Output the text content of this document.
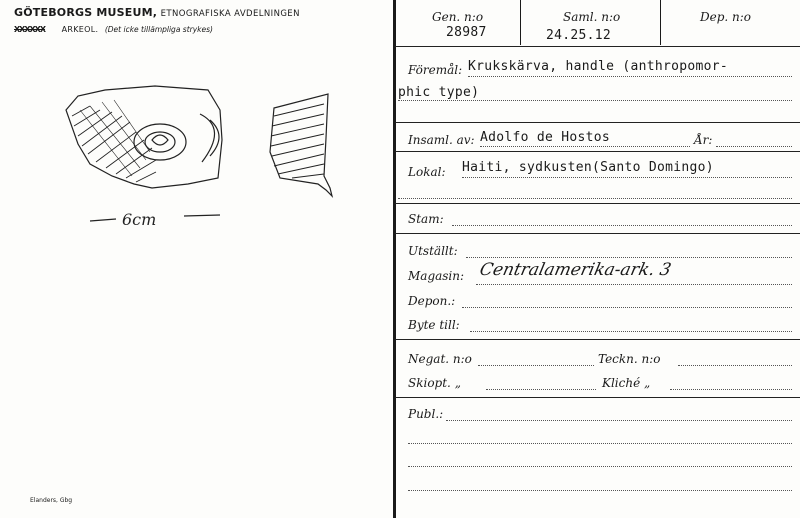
GÖTEBORGS MUSEUM, ETNOGRAFISKA AVDELNINGEN
XXXXXX ARKEOL. (Det icke tillämpliga strykes)
6cm
Elanders, Gbg
Gen. n:o
28987
Saml. n:o
24.25.12
Dep. n:o
Föremål: Krukskärva, handle (anthropomor-
phic type)
Insaml. av: Adolfo de Hostos	År:
Lokal: Haiti, sydkusten(Santo Domingo)
Stam:
Utställt:
Magasin: Centralamerika-ark. 3
Depon.:
Byte till:
Negat. n:o	Teckn. n:o
Skiopt. „	Kliché „
Publ.:
